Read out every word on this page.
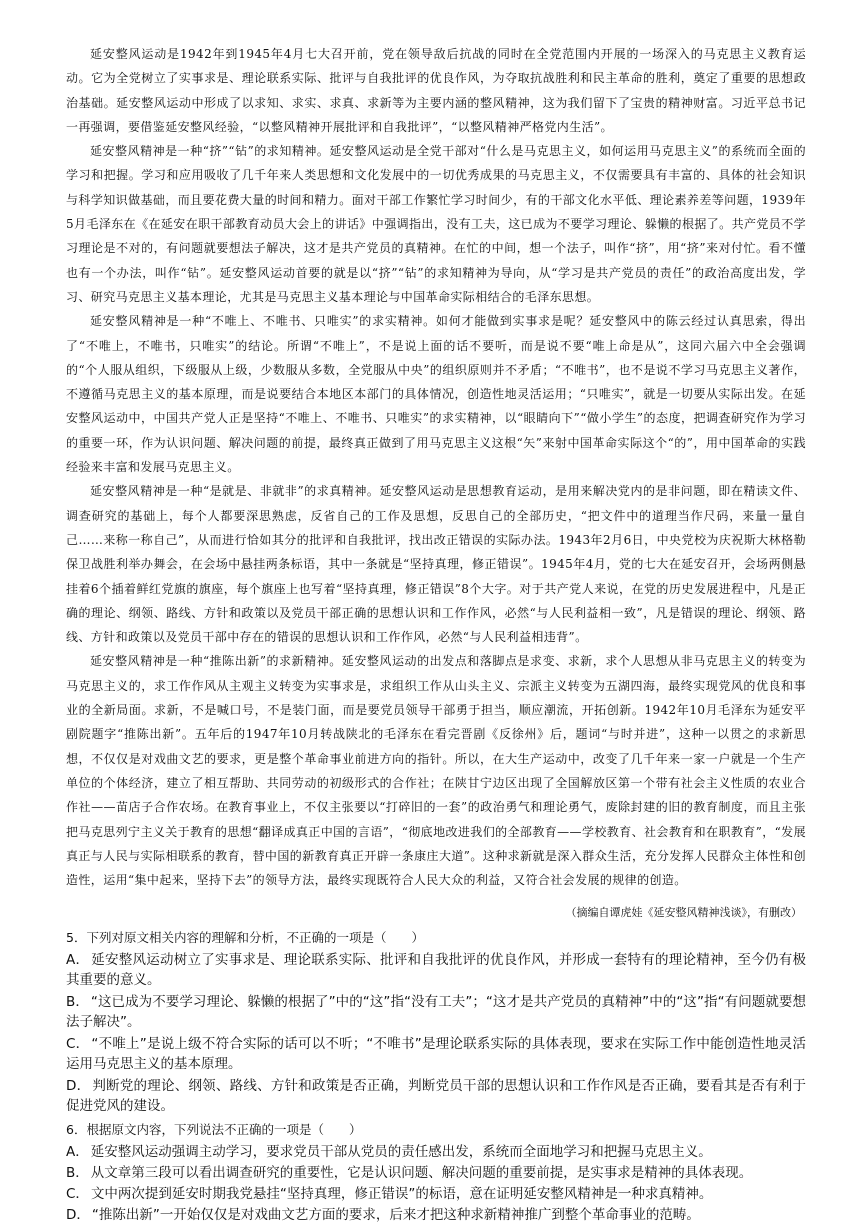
延安整风运动是1942年到1945年4月七大召开前，党在领导敌后抗战的同时在全党范围内开展的一场深入的马克思主义教育运动。它为全党树立了实事求是、理论联系实际、批评与自我批评的优良作风，为夺取抗战胜利和民主革命的胜利，奠定了重要的思想政治基础。延安整风运动中形成了以求知、求实、求真、求新等为主要内涵的整风精神，这为我们留下了宝贵的精神财富。习近平总书记一再强调，要借鉴延安整风经验，“以整风精神开展批评和自我批评”，“以整风精神严格党内生活”。

延安整风精神是一种“挤”“钻”的求知精神。延安整风运动是全党干部对“什么是马克思主义，如何运用马克思主义”的系统而全面的学习和把握。学习和应用吸收了几千年来人类思想和文化发展中的一切优秀成果的马克思主义，不仅需要具有丰富的、具体的社会知识与科学知识做基础，而且要花费大量的时间和精力。面对干部工作繁忙学习时间少，有的干部文化水平低、理论素养差等问题，1939年5月毛泽东在《在延安在职干部教育动员大会上的讲话》中强调指出，没有工夫，这已成为不要学习理论、躲懒的根据了。共产党员不学习理论是不对的，有问题就要想法子解决，这才是共产党员的真精神。在忙的中间，想一个法子，叫作“挤”，用“挤”来对付忙。看不懂也有一个办法，叫作“钻”。延安整风运动首要的就是以“挤”“钻”的求知精神为导向，从“学习是共产党员的责任”的政治高度出发，学习、研究马克思主义基本理论，尤其是马克思主义基本理论与中国革命实际相结合的毛泽东思想。

延安整风精神是一种“不唯上、不唯书、只唯实”的求实精神。如何才能做到实事求是呢？延安整风中的陈云经过认真思索，得出了“不唯上，不唯书，只唯实”的结论。所谓“不唯上”，不是说上面的话不要听，而是说不要“唯上命是从”，这同六届六中全会强调的“个人服从组织，下级服从上级，少数服从多数，全党服从中央”的组织原则并不矛盾；“不唯书”，也不是说不学习马克思主义著作，不遵循马克思主义的基本原理，而是说要结合本地区本部门的具体情况，创造性地灵活运用；“只唯实”，就是一切要从实际出发。在延安整风运动中，中国共产党人正是坚持“不唯上、不唯书、只唯实”的求实精神，以“眼睛向下”“做小学生”的态度，把调查研究作为学习的重要一环，作为认识问题、解决问题的前提，最终真正做到了用马克思主义这根“矢”来射中国革命实际这个“的”，用中国革命的实践经验来丰富和发展马克思主义。

延安整风精神是一种“是就是、非就非”的求真精神。延安整风运动是思想教育运动，是用来解决党内的是非问题，即在精读文件、调查研究的基础上，每个人都要深思熟虑，反省自己的工作及思想，反思自己的全部历史，“把文件中的道理当作尺码，来量一量自己……来称一称自己”，从而进行恰如其分的批评和自我批评，找出改正错误的实际办法。1943年2月6日，中央党校为庆祝斯大林格勒保卫战胜利举办舞会，在会场中悬挂两条标语，其中一条就是“坚持真理，修正错误”。1945年4月，党的七大在延安召开，会场两侧悬挂着6个插着鲜红党旗的旗座，每个旗座上也写着“坚持真理，修正错误”8个大字。对于共产党人来说，在党的历史发展进程中，凡是正确的理论、纲领、路线、方针和政策以及党员干部正确的思想认识和工作作风，必然“与人民利益相一致”，凡是错误的理论、纲领、路线、方针和政策以及党员干部中存在的错误的思想认识和工作作风，必然“与人民利益相违背”。

延安整风精神是一种“推陈出新”的求新精神。延安整风运动的出发点和落脚点是求变、求新，求个人思想从非马克思主义的转变为马克思主义的，求工作作风从主观主义转变为实事求是，求组织工作从山头主义、宗派主义转变为五湖四海，最终实现党风的优良和事业的全新局面。求新，不是喊口号，不是装门面，而是要党员领导干部勇于担当，顺应潮流，开拓创新。1942年10月毛泽东为延安平剧院题字“推陈出新”。五年后的1947年10月转战陕北的毛泽东在看完晋剧《反徐州》后，题词“与时并进”，这种一以贯之的求新思想，不仅仅是对戏曲文艺的要求，更是整个革命事业前进方向的指针。所以，在大生产运动中，改变了几千年来一家一户就是一个生产单位的个体经济，建立了相互帮助、共同劳动的初级形式的合作社；在陕甘宁边区出现了全国解放区第一个带有社会主义性质的农业合作社——苗店子合作农场。在教育事业上，不仅主张要以“打碎旧的一套”的政治勇气和理论勇气，废除封建的旧的教育制度，而且主张把马克思列宁主义关于教育的思想“翻译成真正中国的言语”，“彻底地改进我们的全部教育——学校教育、社会教育和在职教育”，“发展真正与人民与实际相联系的教育，替中国的新教育真正开辟一条康庄大道”。这种求新就是深入群众生活，充分发挥人民群众主体性和创造性，运用“集中起来，坚持下去”的领导方法，最终实现既符合人民大众的利益，又符合社会发展的规律的创造。

（摘编自谭虎娃《延安整风精神浅谈》，有删改）

5．下列对原文相关内容的理解和分析，不正确的一项是（　　）

A． 延安整风运动树立了实事求是、理论联系实际、批评和自我批评的优良作风，并形成一套特有的理论精神，至今仍有极其重要的意义。

B． “这已成为不要学习理论、躲懒的根据了”中的“这”指“没有工夫”；“这才是共产党员的真精神”中的“这”指“有问题就要想法子解决”。

C． “不唯上”是说上级不符合实际的话可以不听；“不唯书”是理论联系实际的具体表现，要求在实际工作中能创造性地灵活运用马克思主义的基本原理。

D． 判断党的理论、纲领、路线、方针和政策是否正确，判断党员干部的思想认识和工作作风是否正确，要看其是否有利于促进党风的建设。

6．根据原文内容，下列说法不正确的一项是（　　）

A． 延安整风运动强调主动学习，要求党员干部从党员的责任感出发，系统而全面地学习和把握马克思主义。

B． 从文章第三段可以看出调查研究的重要性，它是认识问题、解决问题的重要前提，是实事求是精神的具体表现。

C． 文中两次提到延安时期我党悬挂“坚持真理，修正错误”的标语，意在证明延安整风精神是一种求真精神。

D． “推陈出新”一开始仅仅是对戏曲文艺方面的要求，后来才把这种求新精神推广到整个革命事业的范畴。
